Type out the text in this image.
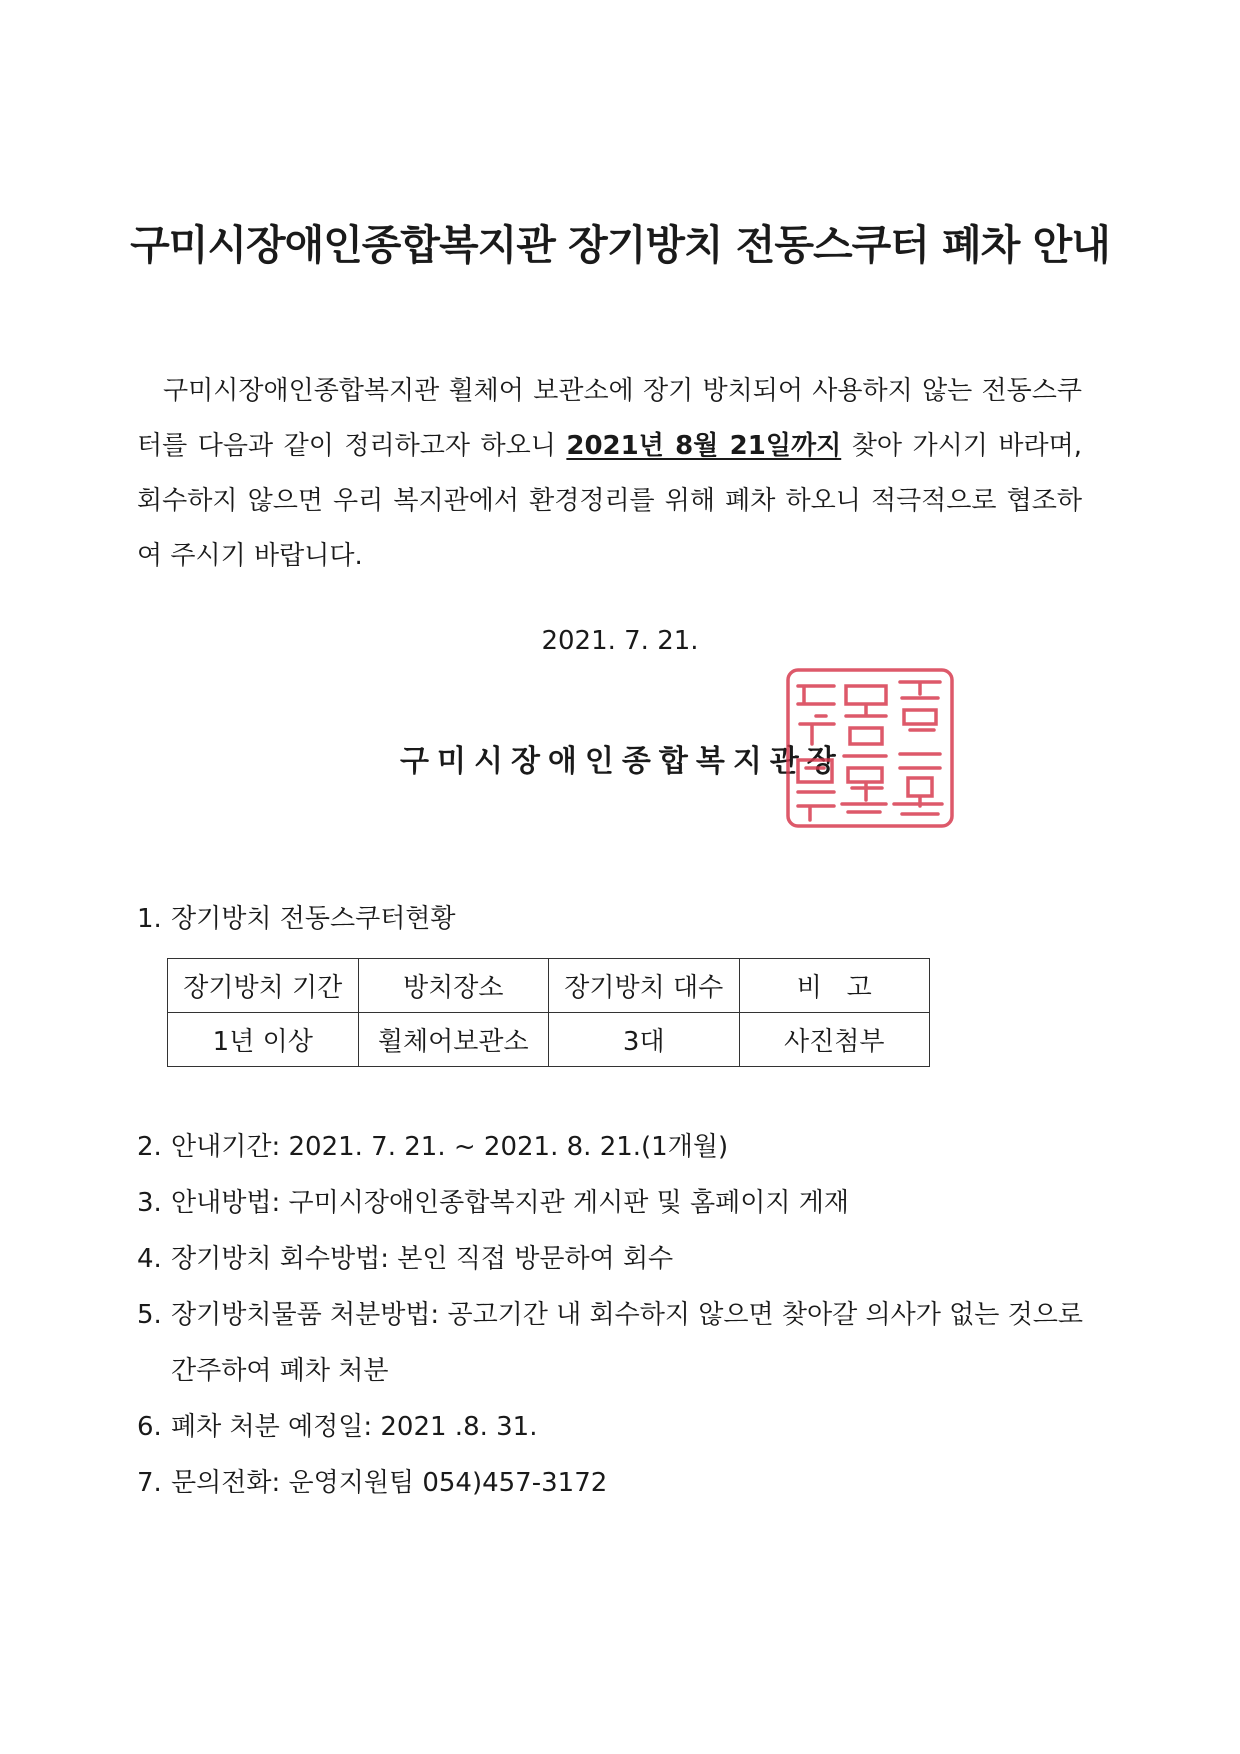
구미시장애인종합복지관 장기방치 전동스쿠터 폐차 안내
구미시장애인종합복지관 휠체어 보관소에 장기 방치되어 사용하지 않는 전동스쿠터를 다음과 같이 정리하고자 하오니 2021년 8월 21일까지 찾아 가시기 바라며, 회수하지 않으면 우리 복지관에서 환경정리를 위해 폐차 하오니 적극적으로 협조하여 주시기 바랍니다.
2021. 7. 21.
구미시장애인종합복지관장
1. 장기방치 전동스쿠터현황
2. 안내기간: 2021. 7. 21. ~ 2021. 8. 21.(1개월)
3. 안내방법: 구미시장애인종합복지관 게시판 및 홈페이지 게재
4. 장기방치 회수방법: 본인 직접 방문하여 회수
5. 장기방치물품 처분방법: 공고기간 내 회수하지 않으면 찾아갈 의사가 없는 것으로
간주하여 폐차 처분
6. 폐차 처분 예정일: 2021 .8. 31.
7. 문의전화: 운영지원팀 054)457-3172
장기방치 기간	방치장소	장기방치 대수	비   고
1년 이상	휠체어보관소	3대	사진첨부
